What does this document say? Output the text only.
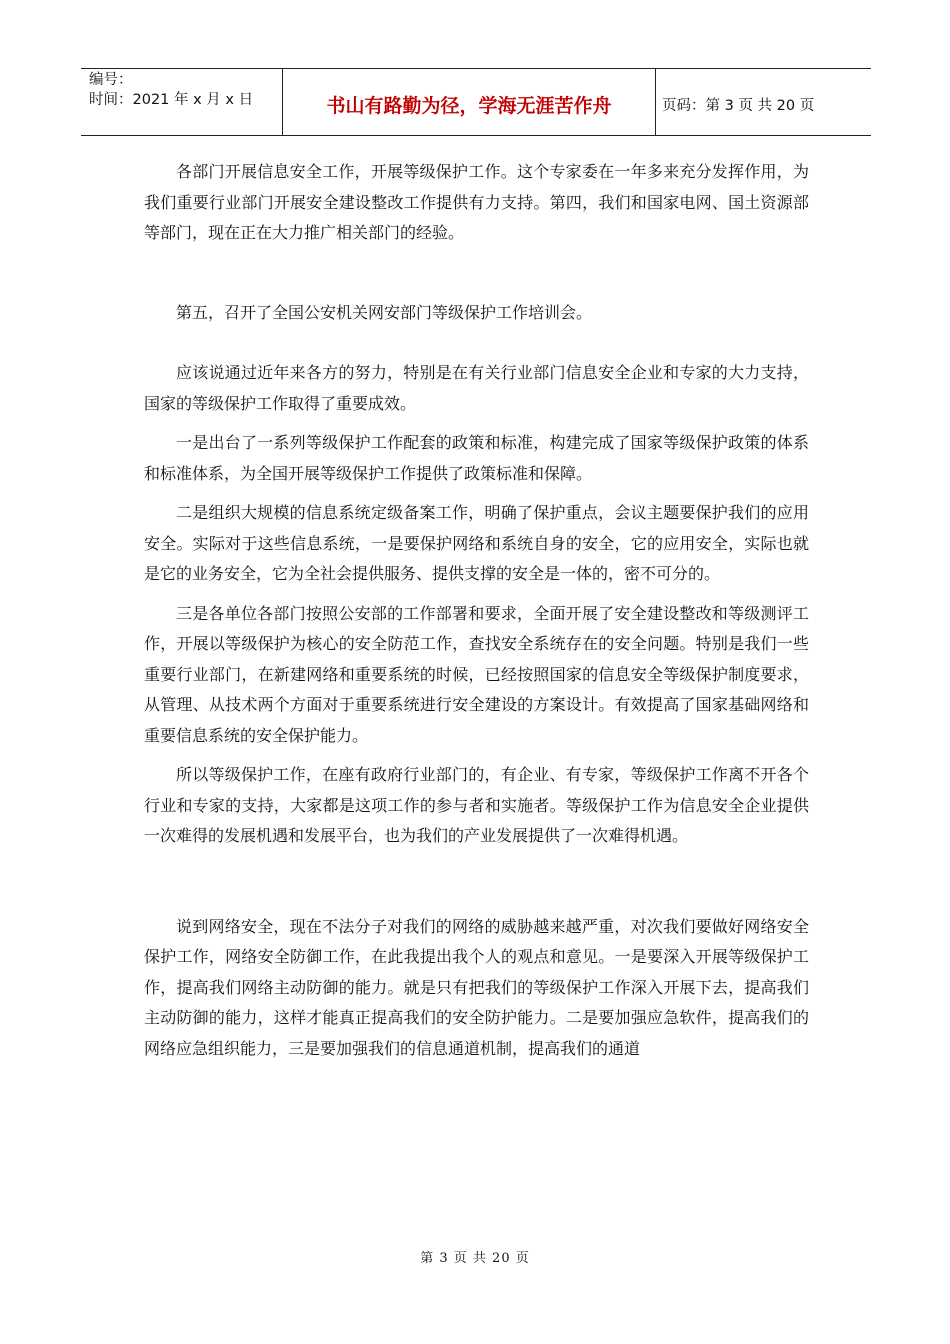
编号：
时间：2021 年 x 月 x 日	书山有路勤为径，学海无涯苦作舟	页码：第 3 页 共 20 页

各部门开展信息安全工作，开展等级保护工作。这个专家委在一年多来充分发挥作用，为我们重要行业部门开展安全建设整改工作提供有力支持。第四，我们和国家电网、国土资源部等部门，现在正在大力推广相关部门的经验。

第五，召开了全国公安机关网安部门等级保护工作培训会。

应该说通过近年来各方的努力，特别是在有关行业部门信息安全企业和专家的大力支持，国家的等级保护工作取得了重要成效。

一是出台了一系列等级保护工作配套的政策和标准，构建完成了国家等级保护政策的体系和标准体系，为全国开展等级保护工作提供了政策标准和保障。

二是组织大规模的信息系统定级备案工作，明确了保护重点，会议主题要保护我们的应用安全。实际对于这些信息系统，一是要保护网络和系统自身的安全，它的应用安全，实际也就是它的业务安全，它为全社会提供服务、提供支撑的安全是一体的，密不可分的。

三是各单位各部门按照公安部的工作部署和要求，全面开展了安全建设整改和等级测评工作，开展以等级保护为核心的安全防范工作，查找安全系统存在的安全问题。特别是我们一些重要行业部门，在新建网络和重要系统的时候，已经按照国家的信息安全等级保护制度要求，从管理、从技术两个方面对于重要系统进行安全建设的方案设计。有效提高了国家基础网络和重要信息系统的安全保护能力。

所以等级保护工作，在座有政府行业部门的，有企业、有专家，等级保护工作离不开各个行业和专家的支持，大家都是这项工作的参与者和实施者。等级保护工作为信息安全企业提供一次难得的发展机遇和发展平台，也为我们的产业发展提供了一次难得机遇。

说到网络安全，现在不法分子对我们的网络的威胁越来越严重，对次我们要做好网络安全保护工作，网络安全防御工作，在此我提出我个人的观点和意见。一是要深入开展等级保护工作，提高我们网络主动防御的能力。就是只有把我们的等级保护工作深入开展下去，提高我们主动防御的能力，这样才能真正提高我们的安全防护能力。二是要加强应急软件，提高我们的网络应急组织能力，三是要加强我们的信息通道机制，提高我们的通道

第 3 页 共 20 页
